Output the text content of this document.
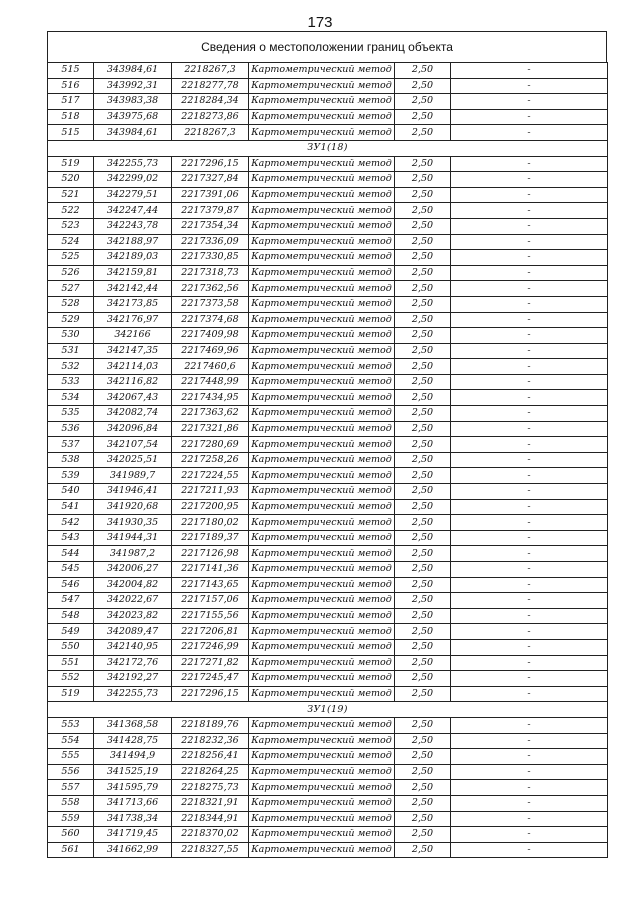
173
Сведения о местоположении границ объекта
515	343984,61	2218267,3	Картометрический метод	2,50	-
516	343992,31	2218277,78	Картометрический метод	2,50	-
517	343983,38	2218284,34	Картометрический метод	2,50	-
518	343975,68	2218273,86	Картометрический метод	2,50	-
515	343984,61	2218267,3	Картометрический метод	2,50	-
ЗУ1(18)					
519	342255,73	2217296,15	Картометрический метод	2,50	-
520	342299,02	2217327,84	Картометрический метод	2,50	-
521	342279,51	2217391,06	Картометрический метод	2,50	-
522	342247,44	2217379,87	Картометрический метод	2,50	-
523	342243,78	2217354,34	Картометрический метод	2,50	-
524	342188,97	2217336,09	Картометрический метод	2,50	-
525	342189,03	2217330,85	Картометрический метод	2,50	-
526	342159,81	2217318,73	Картометрический метод	2,50	-
527	342142,44	2217362,56	Картометрический метод	2,50	-
528	342173,85	2217373,58	Картометрический метод	2,50	-
529	342176,97	2217374,68	Картометрический метод	2,50	-
530	342166	2217409,98	Картометрический метод	2,50	-
531	342147,35	2217469,96	Картометрический метод	2,50	-
532	342114,03	2217460,6	Картометрический метод	2,50	-
533	342116,82	2217448,99	Картометрический метод	2,50	-
534	342067,43	2217434,95	Картометрический метод	2,50	-
535	342082,74	2217363,62	Картометрический метод	2,50	-
536	342096,84	2217321,86	Картометрический метод	2,50	-
537	342107,54	2217280,69	Картометрический метод	2,50	-
538	342025,51	2217258,26	Картометрический метод	2,50	-
539	341989,7	2217224,55	Картометрический метод	2,50	-
540	341946,41	2217211,93	Картометрический метод	2,50	-
541	341920,68	2217200,95	Картометрический метод	2,50	-
542	341930,35	2217180,02	Картометрический метод	2,50	-
543	341944,31	2217189,37	Картометрический метод	2,50	-
544	341987,2	2217126,98	Картометрический метод	2,50	-
545	342006,27	2217141,36	Картометрический метод	2,50	-
546	342004,82	2217143,65	Картометрический метод	2,50	-
547	342022,67	2217157,06	Картометрический метод	2,50	-
548	342023,82	2217155,56	Картометрический метод	2,50	-
549	342089,47	2217206,81	Картометрический метод	2,50	-
550	342140,95	2217246,99	Картометрический метод	2,50	-
551	342172,76	2217271,82	Картометрический метод	2,50	-
552	342192,27	2217245,47	Картометрический метод	2,50	-
519	342255,73	2217296,15	Картометрический метод	2,50	-
ЗУ1(19)					
553	341368,58	2218189,76	Картометрический метод	2,50	-
554	341428,75	2218232,36	Картометрический метод	2,50	-
555	341494,9	2218256,41	Картометрический метод	2,50	-
556	341525,19	2218264,25	Картометрический метод	2,50	-
557	341595,79	2218275,73	Картометрический метод	2,50	-
558	341713,66	2218321,91	Картометрический метод	2,50	-
559	341738,34	2218344,91	Картометрический метод	2,50	-
560	341719,45	2218370,02	Картометрический метод	2,50	-
561	341662,99	2218327,55	Картометрический метод	2,50	-
